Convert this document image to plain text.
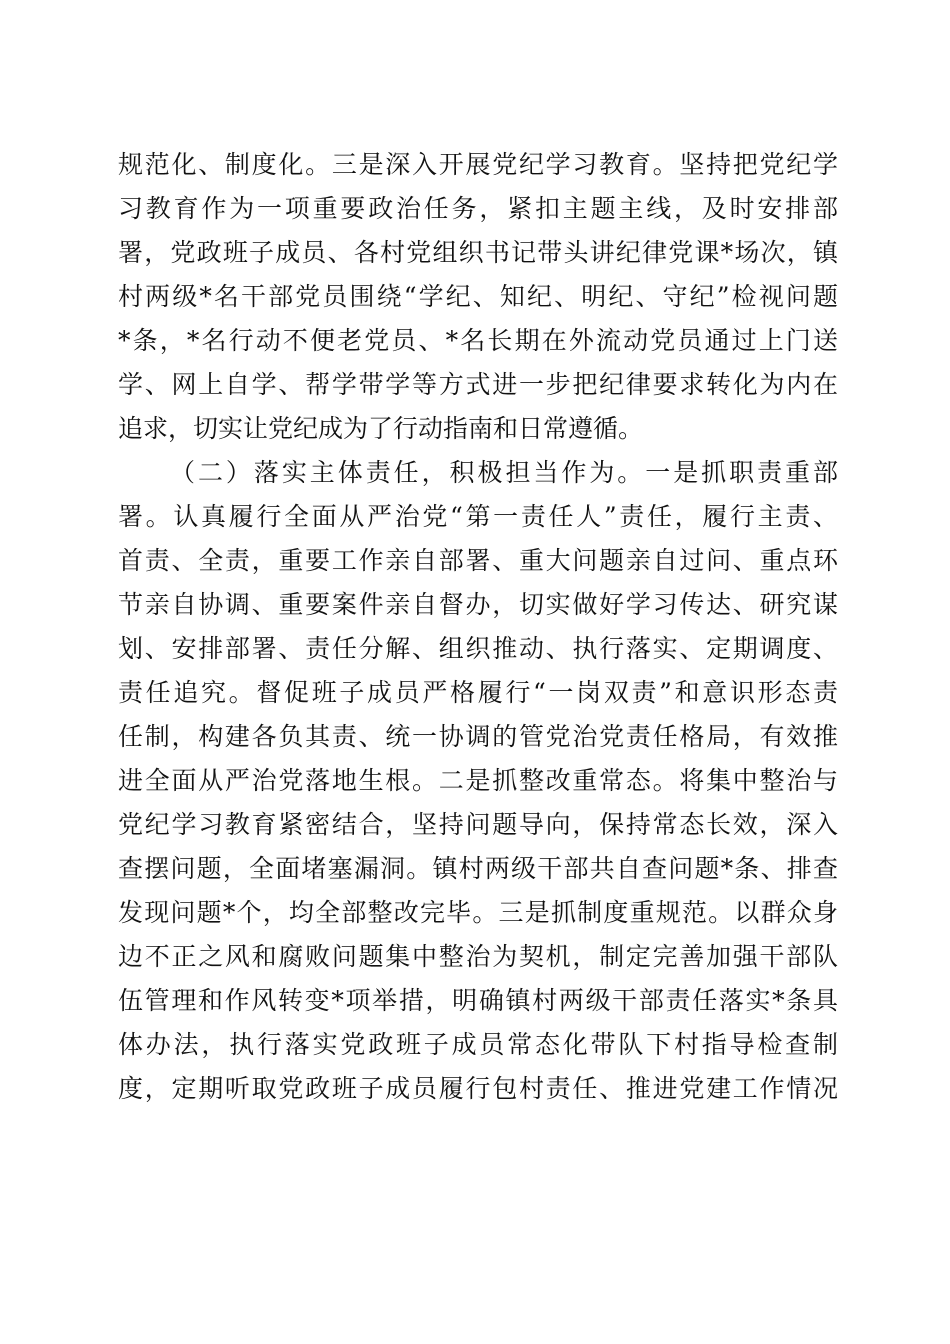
规范化、制度化。三是深入开展党纪学习教育。坚持把党纪学
习教育作为一项重要政治任务，紧扣主题主线，及时安排部
署，党政班子成员、各村党组织书记带头讲纪律党课*场次，镇
村两级*名干部党员围绕“学纪、知纪、明纪、守纪”检视问题
*条，*名行动不便老党员、*名长期在外流动党员通过上门送
学、网上自学、帮学带学等方式进一步把纪律要求转化为内在
追求，切实让党纪成为了行动指南和日常遵循。
（二）落实主体责任，积极担当作为。一是抓职责重部
署。认真履行全面从严治党“第一责任人”责任，履行主责、
首责、全责，重要工作亲自部署、重大问题亲自过问、重点环
节亲自协调、重要案件亲自督办，切实做好学习传达、研究谋
划、安排部署、责任分解、组织推动、执行落实、定期调度、
责任追究。督促班子成员严格履行“一岗双责”和意识形态责
任制，构建各负其责、统一协调的管党治党责任格局，有效推
进全面从严治党落地生根。二是抓整改重常态。将集中整治与
党纪学习教育紧密结合，坚持问题导向，保持常态长效，深入
查摆问题，全面堵塞漏洞。镇村两级干部共自查问题*条、排查
发现问题*个，均全部整改完毕。三是抓制度重规范。以群众身
边不正之风和腐败问题集中整治为契机，制定完善加强干部队
伍管理和作风转变*项举措，明确镇村两级干部责任落实*条具
体办法，执行落实党政班子成员常态化带队下村指导检查制
度，定期听取党政班子成员履行包村责任、推进党建工作情况
